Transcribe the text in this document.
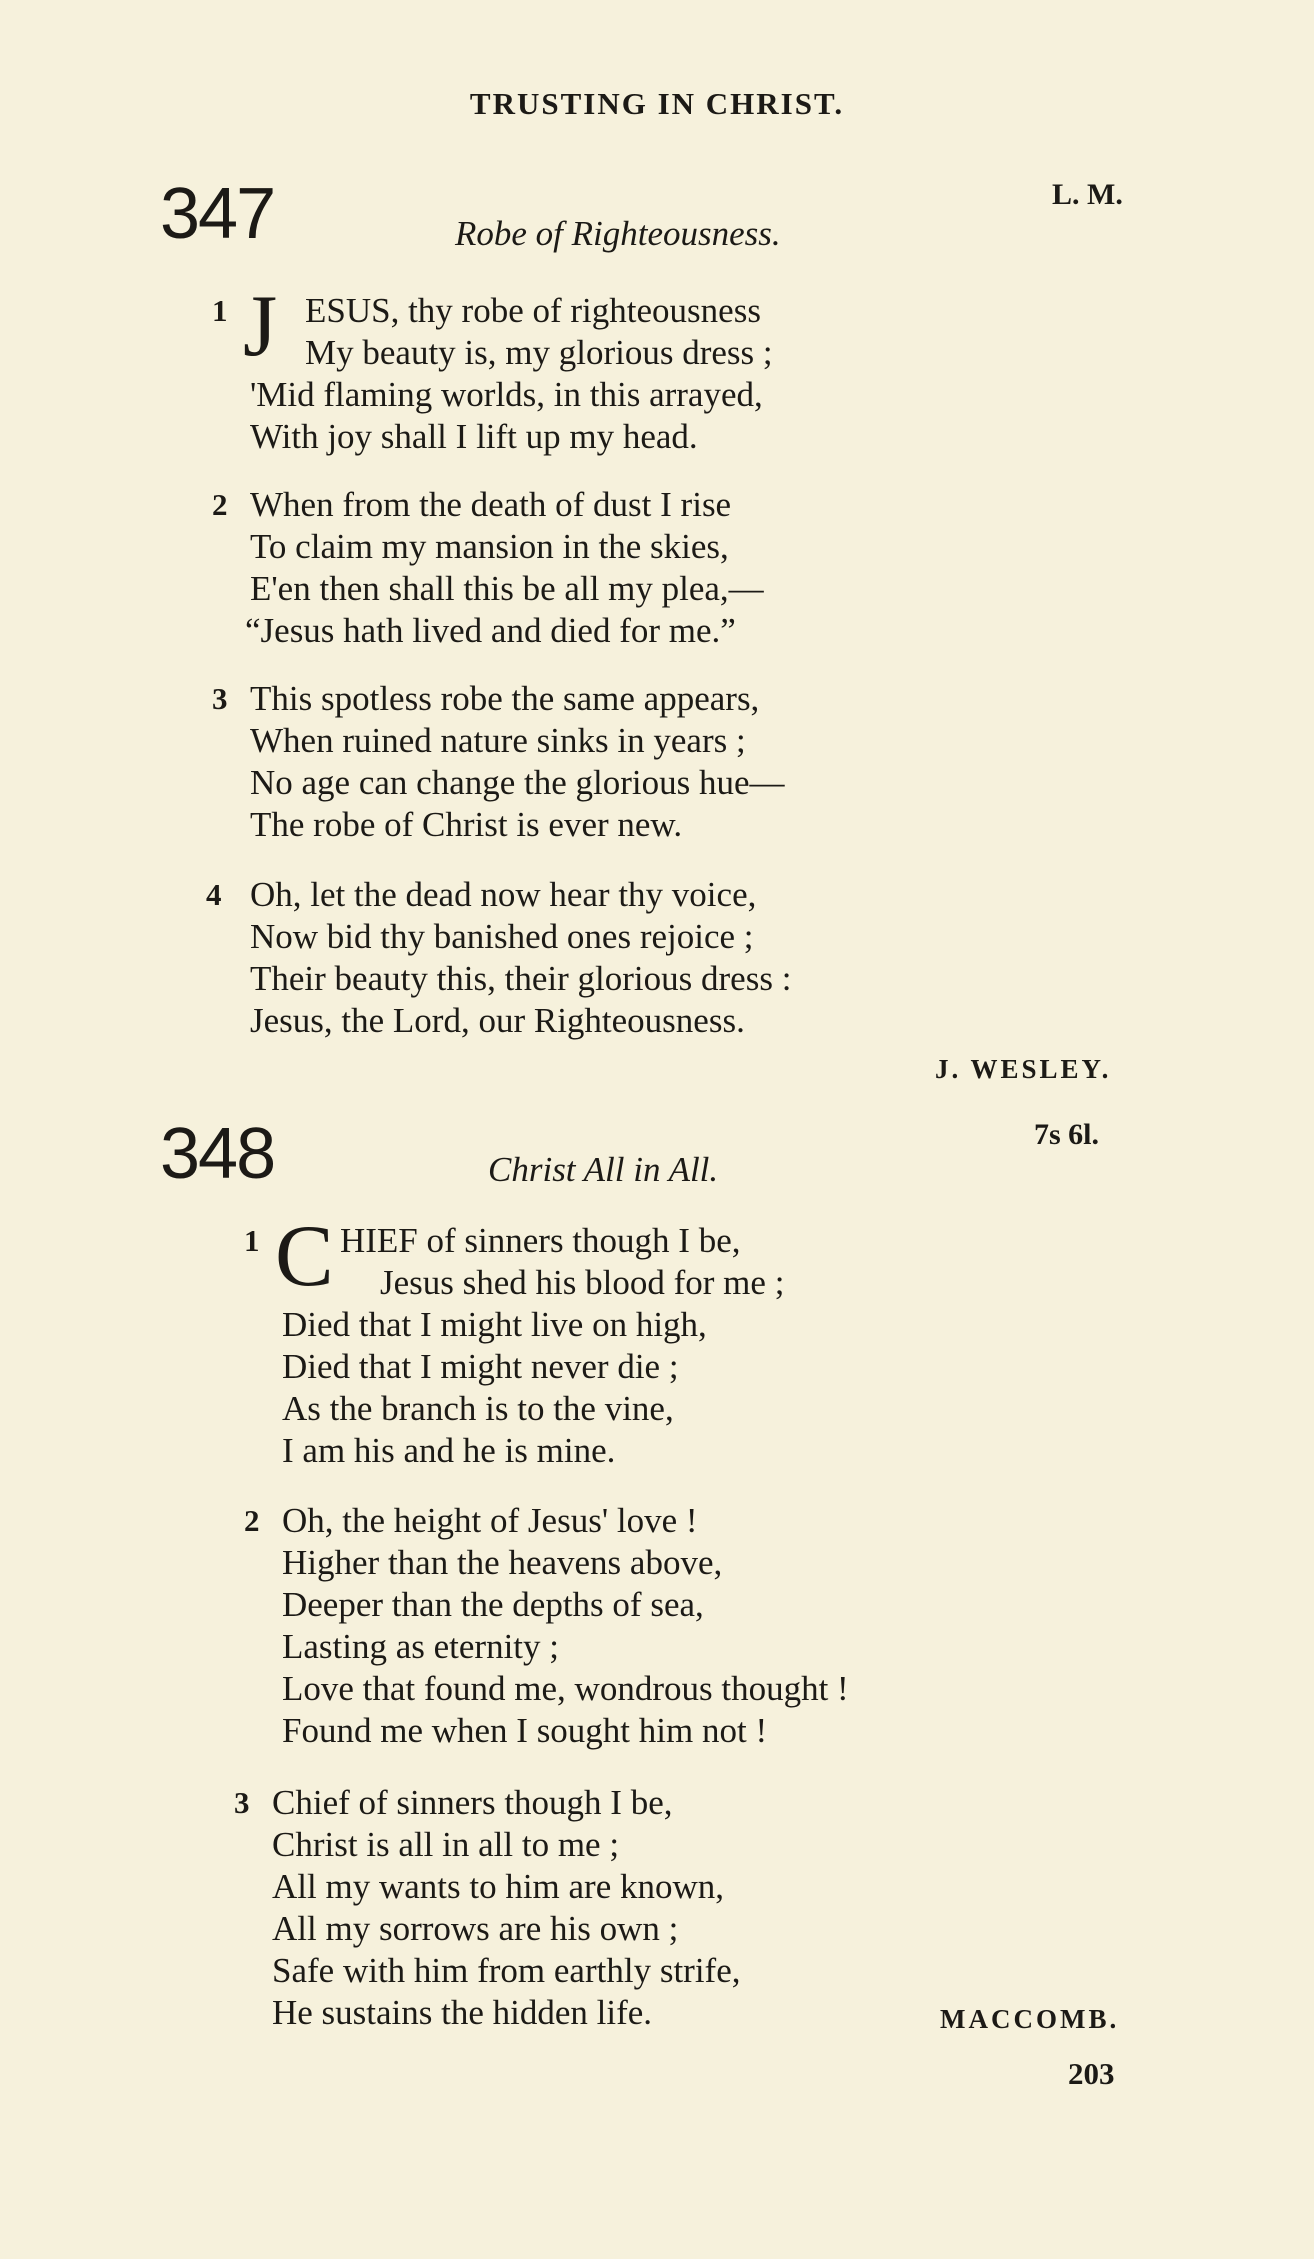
TRUSTING IN CHRIST.
347	L. M.
Robe of Righteousness.
1 J ESUS, thy robe of righteousness
My beauty is, my glorious dress ;
'Mid flaming worlds, in this arrayed,
With joy shall I lift up my head.
2 When from the death of dust I rise
To claim my mansion in the skies,
E'en then shall this be all my plea,—
“Jesus hath lived and died for me.”
3 This spotless robe the same appears,
When ruined nature sinks in years ;
No age can change the glorious hue—
The robe of Christ is ever new.
4 Oh, let the dead now hear thy voice,
Now bid thy banished ones rejoice ;
Their beauty this, their glorious dress :
Jesus, the Lord, our Righteousness.
J. WESLEY.
348	7s 6l.
Christ All in All.
1 C HIEF of sinners though I be,
Jesus shed his blood for me ;
Died that I might live on high,
Died that I might never die ;
As the branch is to the vine,
I am his and he is mine.
2 Oh, the height of Jesus' love !
Higher than the heavens above,
Deeper than the depths of sea,
Lasting as eternity ;
Love that found me, wondrous thought !
Found me when I sought him not !
3 Chief of sinners though I be,
Christ is all in all to me ;
All my wants to him are known,
All my sorrows are his own ;
Safe with him from earthly strife,
He sustains the hidden life.	MACCOMB.
203
